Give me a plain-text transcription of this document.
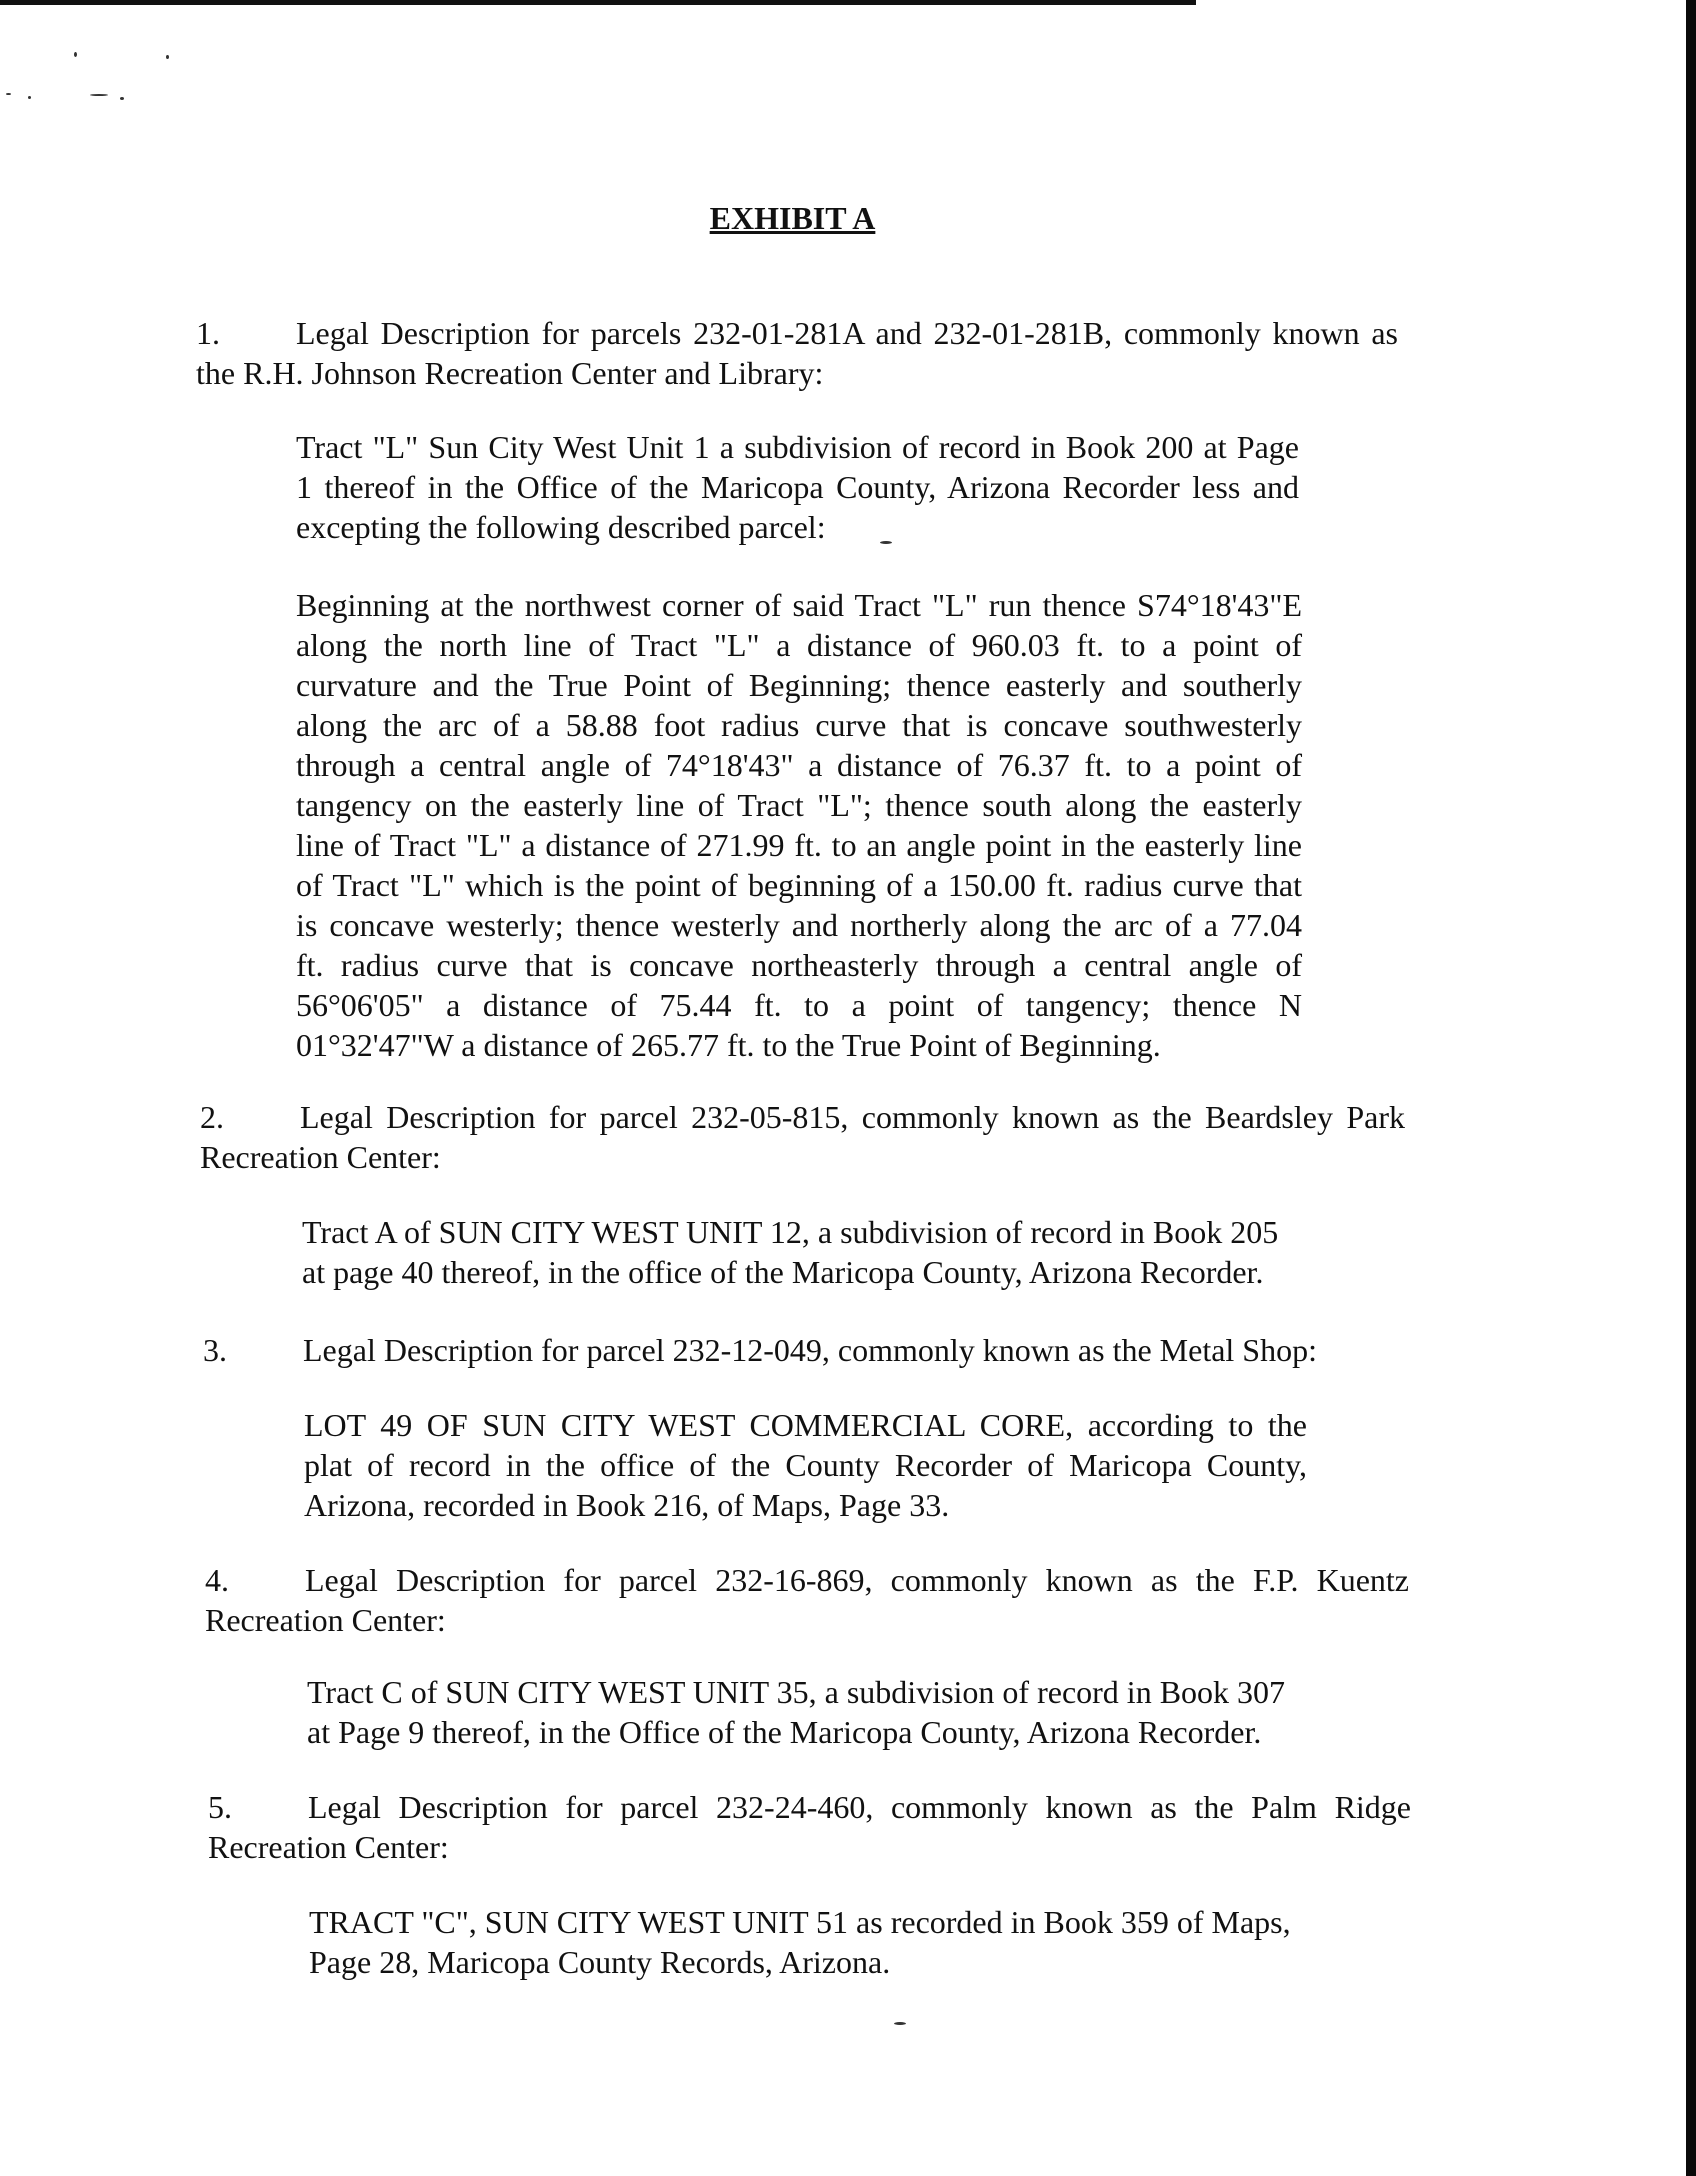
EXHIBIT A
1. Legal Description for parcels 232-01-281A and 232-01-281B, commonly known as
the R.H. Johnson Recreation Center and Library:
Tract "L" Sun City West Unit 1 a subdivision of record in Book 200 at Page
1 thereof in the Office of the Maricopa County, Arizona Recorder less and
excepting the following described parcel:
Beginning at the northwest corner of said Tract "L" run thence S74°18'43"E
along the north line of Tract "L" a distance of 960.03 ft. to a point of
curvature and the True Point of Beginning; thence easterly and southerly
along the arc of a 58.88 foot radius curve that is concave southwesterly
through a central angle of 74°18'43" a distance of 76.37 ft. to a point of
tangency on the easterly line of Tract "L"; thence south along the easterly
line of Tract "L" a distance of 271.99 ft. to an angle point in the easterly line
of Tract "L" which is the point of beginning of a 150.00 ft. radius curve that
is concave westerly; thence westerly and northerly along the arc of a 77.04
ft. radius curve that is concave northeasterly through a central angle of
56°06'05" a distance of 75.44 ft. to a point of tangency; thence N
01°32'47"W a distance of 265.77 ft. to the True Point of Beginning.
2. Legal Description for parcel 232-05-815, commonly known as the Beardsley Park
Recreation Center:
Tract A of SUN CITY WEST UNIT 12, a subdivision of record in Book 205
at page 40 thereof, in the office of the Maricopa County, Arizona Recorder.
3. Legal Description for parcel 232-12-049, commonly known as the Metal Shop:
LOT 49 OF SUN CITY WEST COMMERCIAL CORE, according to the
plat of record in the office of the County Recorder of Maricopa County,
Arizona, recorded in Book 216, of Maps, Page 33.
4. Legal Description for parcel 232-16-869, commonly known as the F.P. Kuentz
Recreation Center:
Tract C of SUN CITY WEST UNIT 35, a subdivision of record in Book 307
at Page 9 thereof, in the Office of the Maricopa County, Arizona Recorder.
5. Legal Description for parcel 232-24-460, commonly known as the Palm Ridge
Recreation Center:
TRACT "C", SUN CITY WEST UNIT 51 as recorded in Book 359 of Maps,
Page 28, Maricopa County Records, Arizona.
